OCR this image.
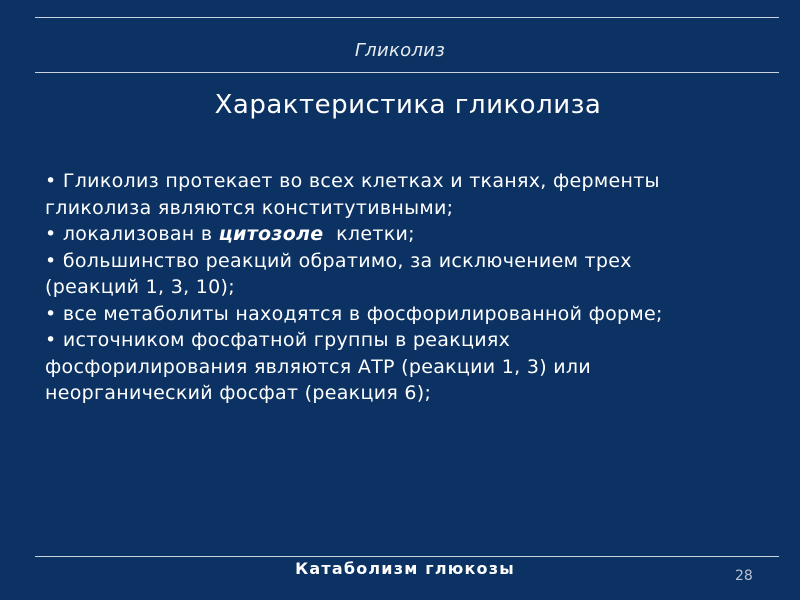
Гликолиз
Характеристика гликолиза
• Гликолиз протекает во всех клетках и тканях, ферменты
гликолиза являются конститутивными;
• локализован в цитозоле клетки;
• большинство реакций обратимо, за исключением трех
(реакций 1, 3, 10);
• все метаболиты находятся в фосфорилированной форме;
• источником фосфатной группы в реакциях
фосфорилирования являются АТР (реакции 1, 3) или
неорганический фосфат (реакция 6);
Катаболизм глюкозы	28
